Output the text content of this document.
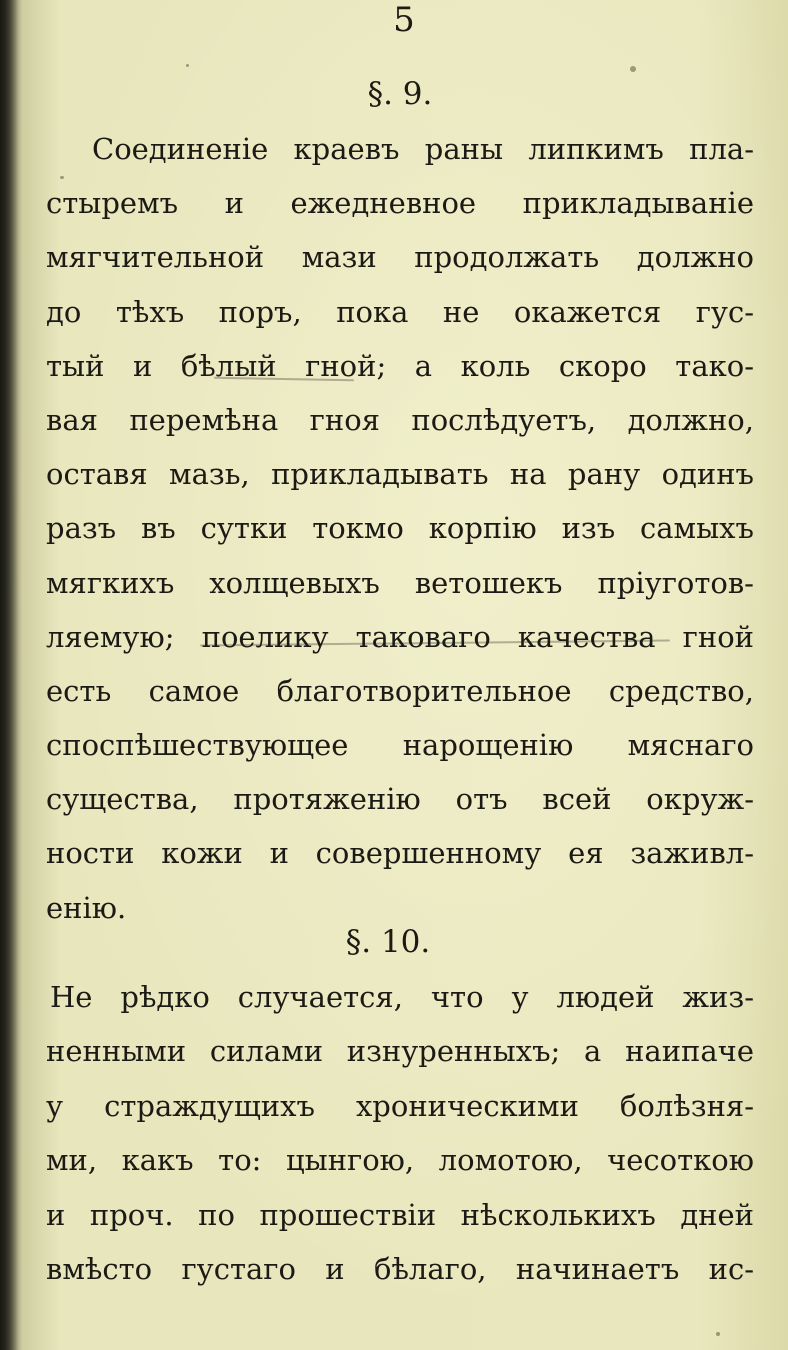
5
§. 9.
Соединеніе краевъ раны липкимъ пла-
стыремъ и ежедневное прикладываніе
мягчительной мази продолжать должно
до тѣхъ поръ, пока не окажется гус-
тый и бѣлый гной; а коль скоро такo-
вая перемѣна гноя послѣдуетъ, должно,
оставя мазь, прикладывать на рану одинъ
разъ въ сутки токмо корпію изъ самыхъ
мягкихъ холщевыхъ ветошекъ пріуготов-
ляемую; поелику таковаго качества гной
есть самое благотворительное средство,
споспѣшествующее нарощенію мяснаго
существа, протяженію отъ всей окруж-
ности кожи и совершенному ея заживл-
енію.
§. 10.
Не рѣдко случается, что у людей жиз-
ненными силами изнуренныхъ; а наипаче
у страждущихъ хроническими болѣзня-
ми, какъ то: цынгою, ломотою, чесоткою
и проч. по прошествіи нѣсколькихъ дней
вмѣсто густаго и бѣлаго, начинаетъ ис-
